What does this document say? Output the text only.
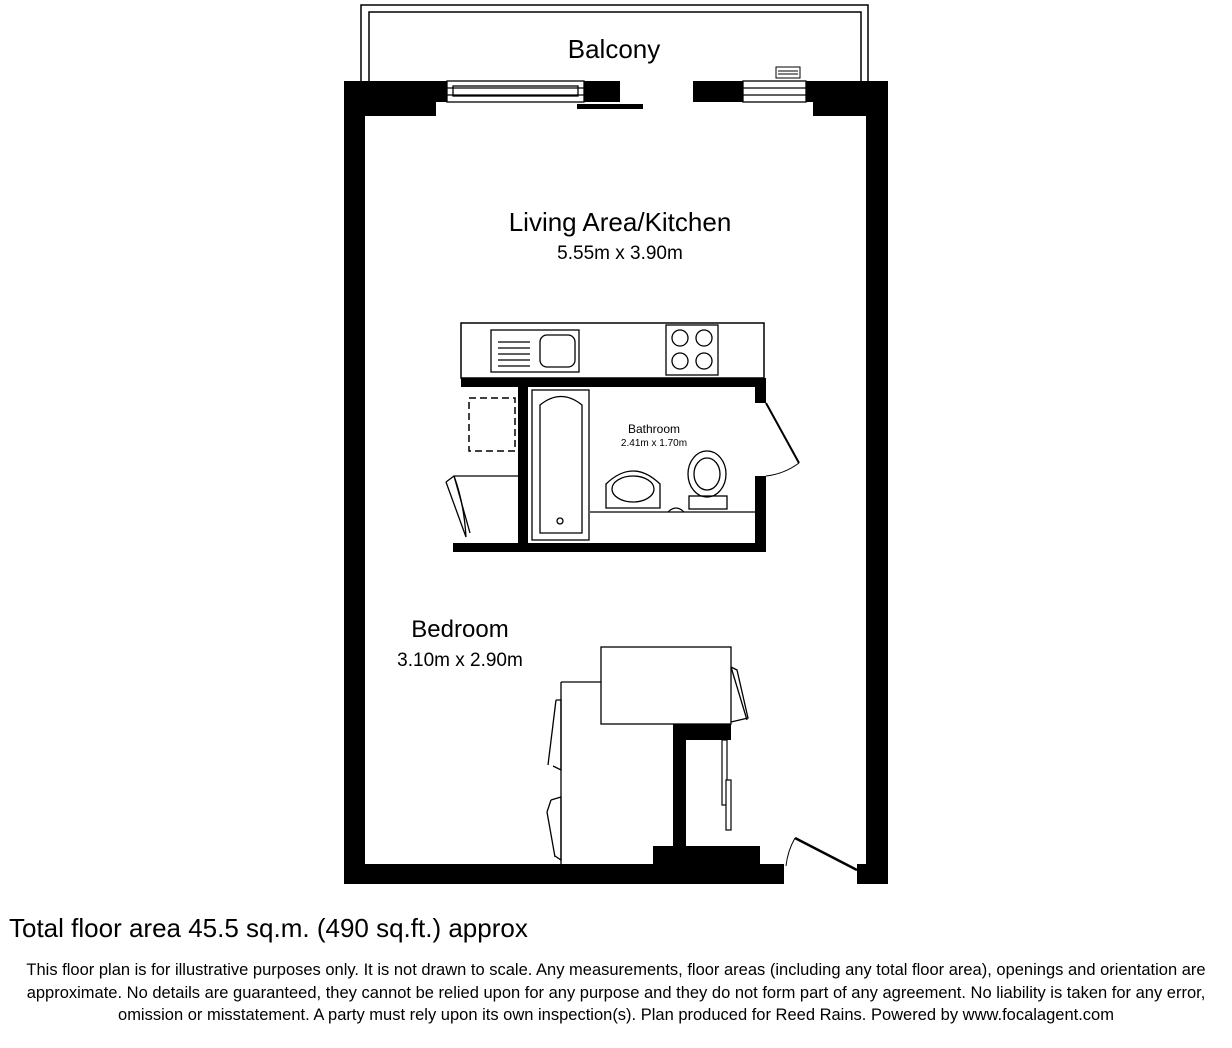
Balcony
Living Area/Kitchen
5.55m x 3.90m
Bathroom
2.41m x 1.70m
Bedroom
3.10m x 2.90m
Total floor area 45.5 sq.m. (490 sq.ft.) approx
This floor plan is for illustrative purposes only. It is not drawn to scale. Any measurements, floor areas (including any total floor area), openings and orientation are approximate. No details are guaranteed, they cannot be relied upon for any purpose and they do not form part of any agreement. No liability is taken for any error, omission or misstatement. A party must rely upon its own inspection(s). Plan produced for Reed Rains. Powered by www.focalagent.com
